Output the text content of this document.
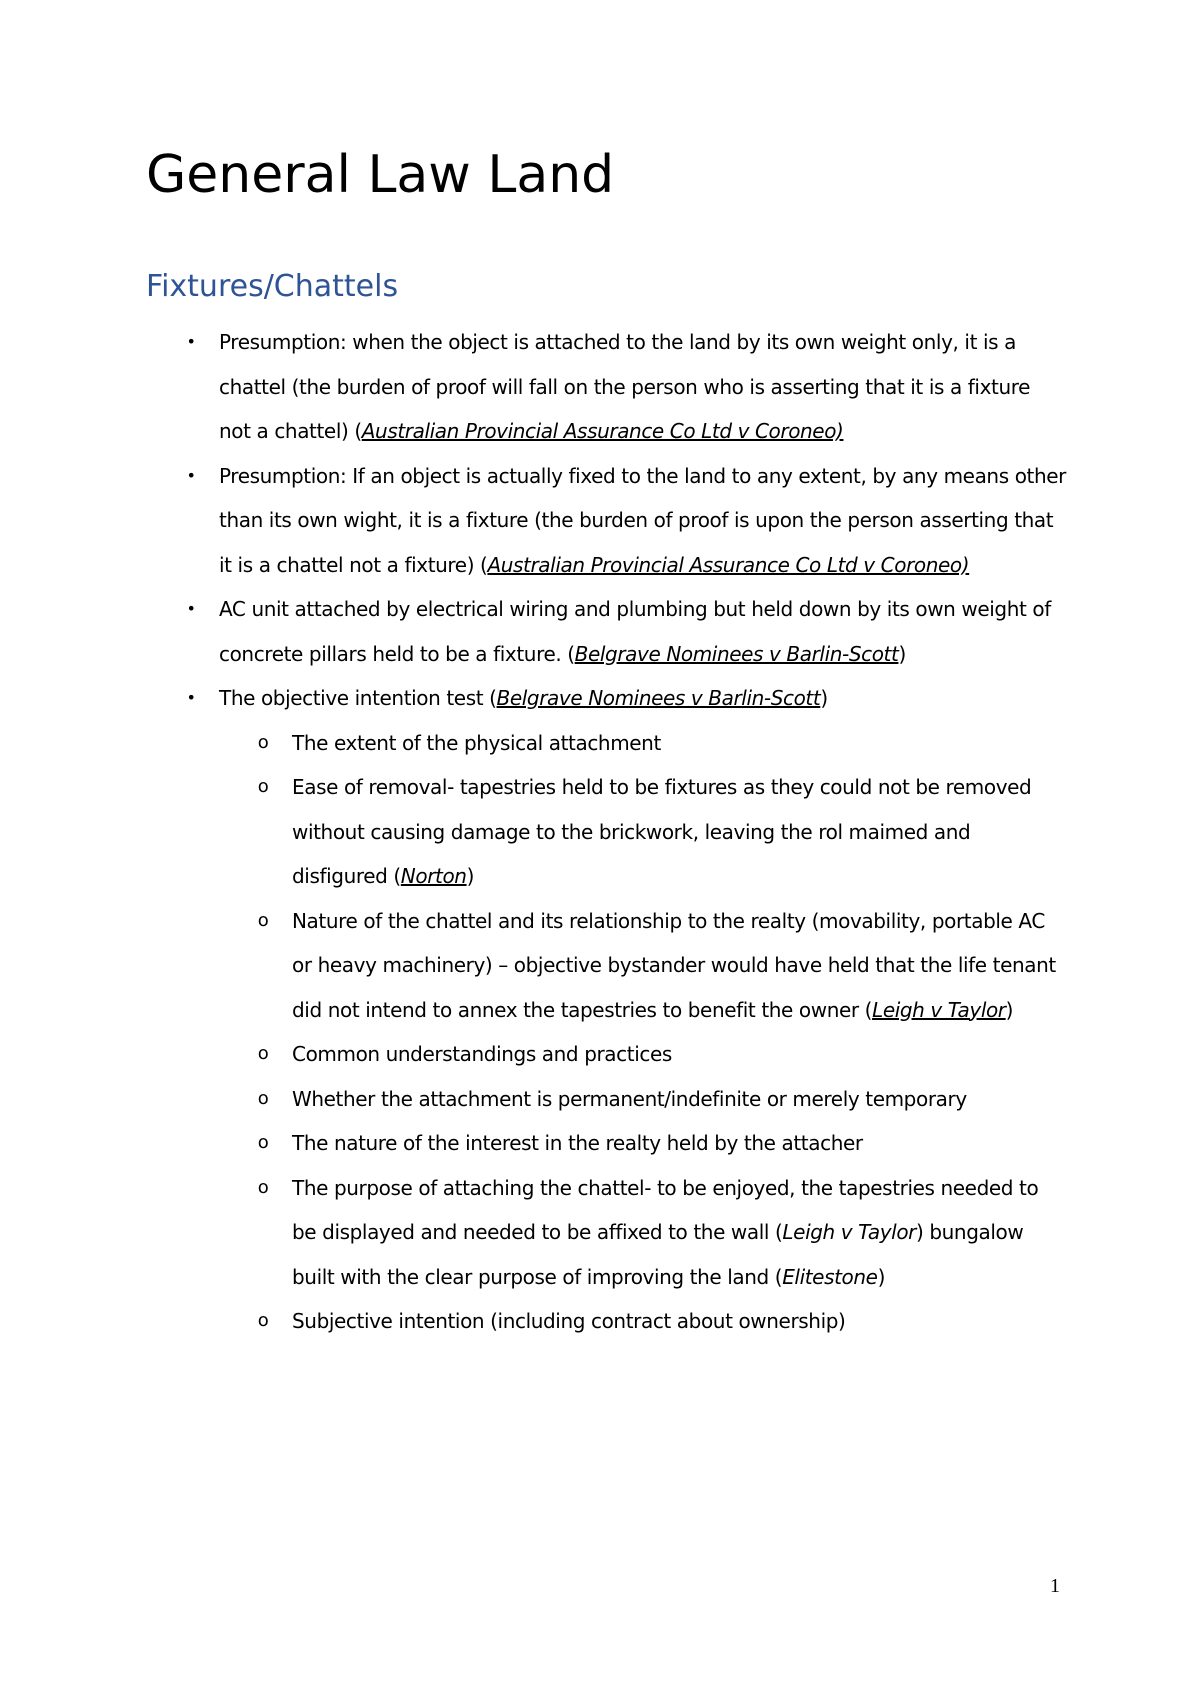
General Law Land
Fixtures/Chattels
• Presumption: when the object is attached to the land by its own weight only, it is a chattel (the burden of proof will fall on the person who is asserting that it is a fixture not a chattel) (Australian Provincial Assurance Co Ltd v Coroneo)
• Presumption: If an object is actually fixed to the land to any extent, by any means other than its own wight, it is a fixture (the burden of proof is upon the person asserting that it is a chattel not a fixture) (Australian Provincial Assurance Co Ltd v Coroneo)
• AC unit attached by electrical wiring and plumbing but held down by its own weight of concrete pillars held to be a fixture. (Belgrave Nominees v Barlin-Scott)
• The objective intention test (Belgrave Nominees v Barlin-Scott)
o The extent of the physical attachment
o Ease of removal- tapestries held to be fixtures as they could not be removed without causing damage to the brickwork, leaving the rol maimed and disfigured (Norton)
o Nature of the chattel and its relationship to the realty (movability, portable AC or heavy machinery) – objective bystander would have held that the life tenant did not intend to annex the tapestries to benefit the owner (Leigh v Taylor)
o Common understandings and practices
o Whether the attachment is permanent/indefinite or merely temporary
o The nature of the interest in the realty held by the attacher
o The purpose of attaching the chattel- to be enjoyed, the tapestries needed to be displayed and needed to be affixed to the wall (Leigh v Taylor) bungalow built with the clear purpose of improving the land (Elitestone)
o Subjective intention (including contract about ownership)
1
